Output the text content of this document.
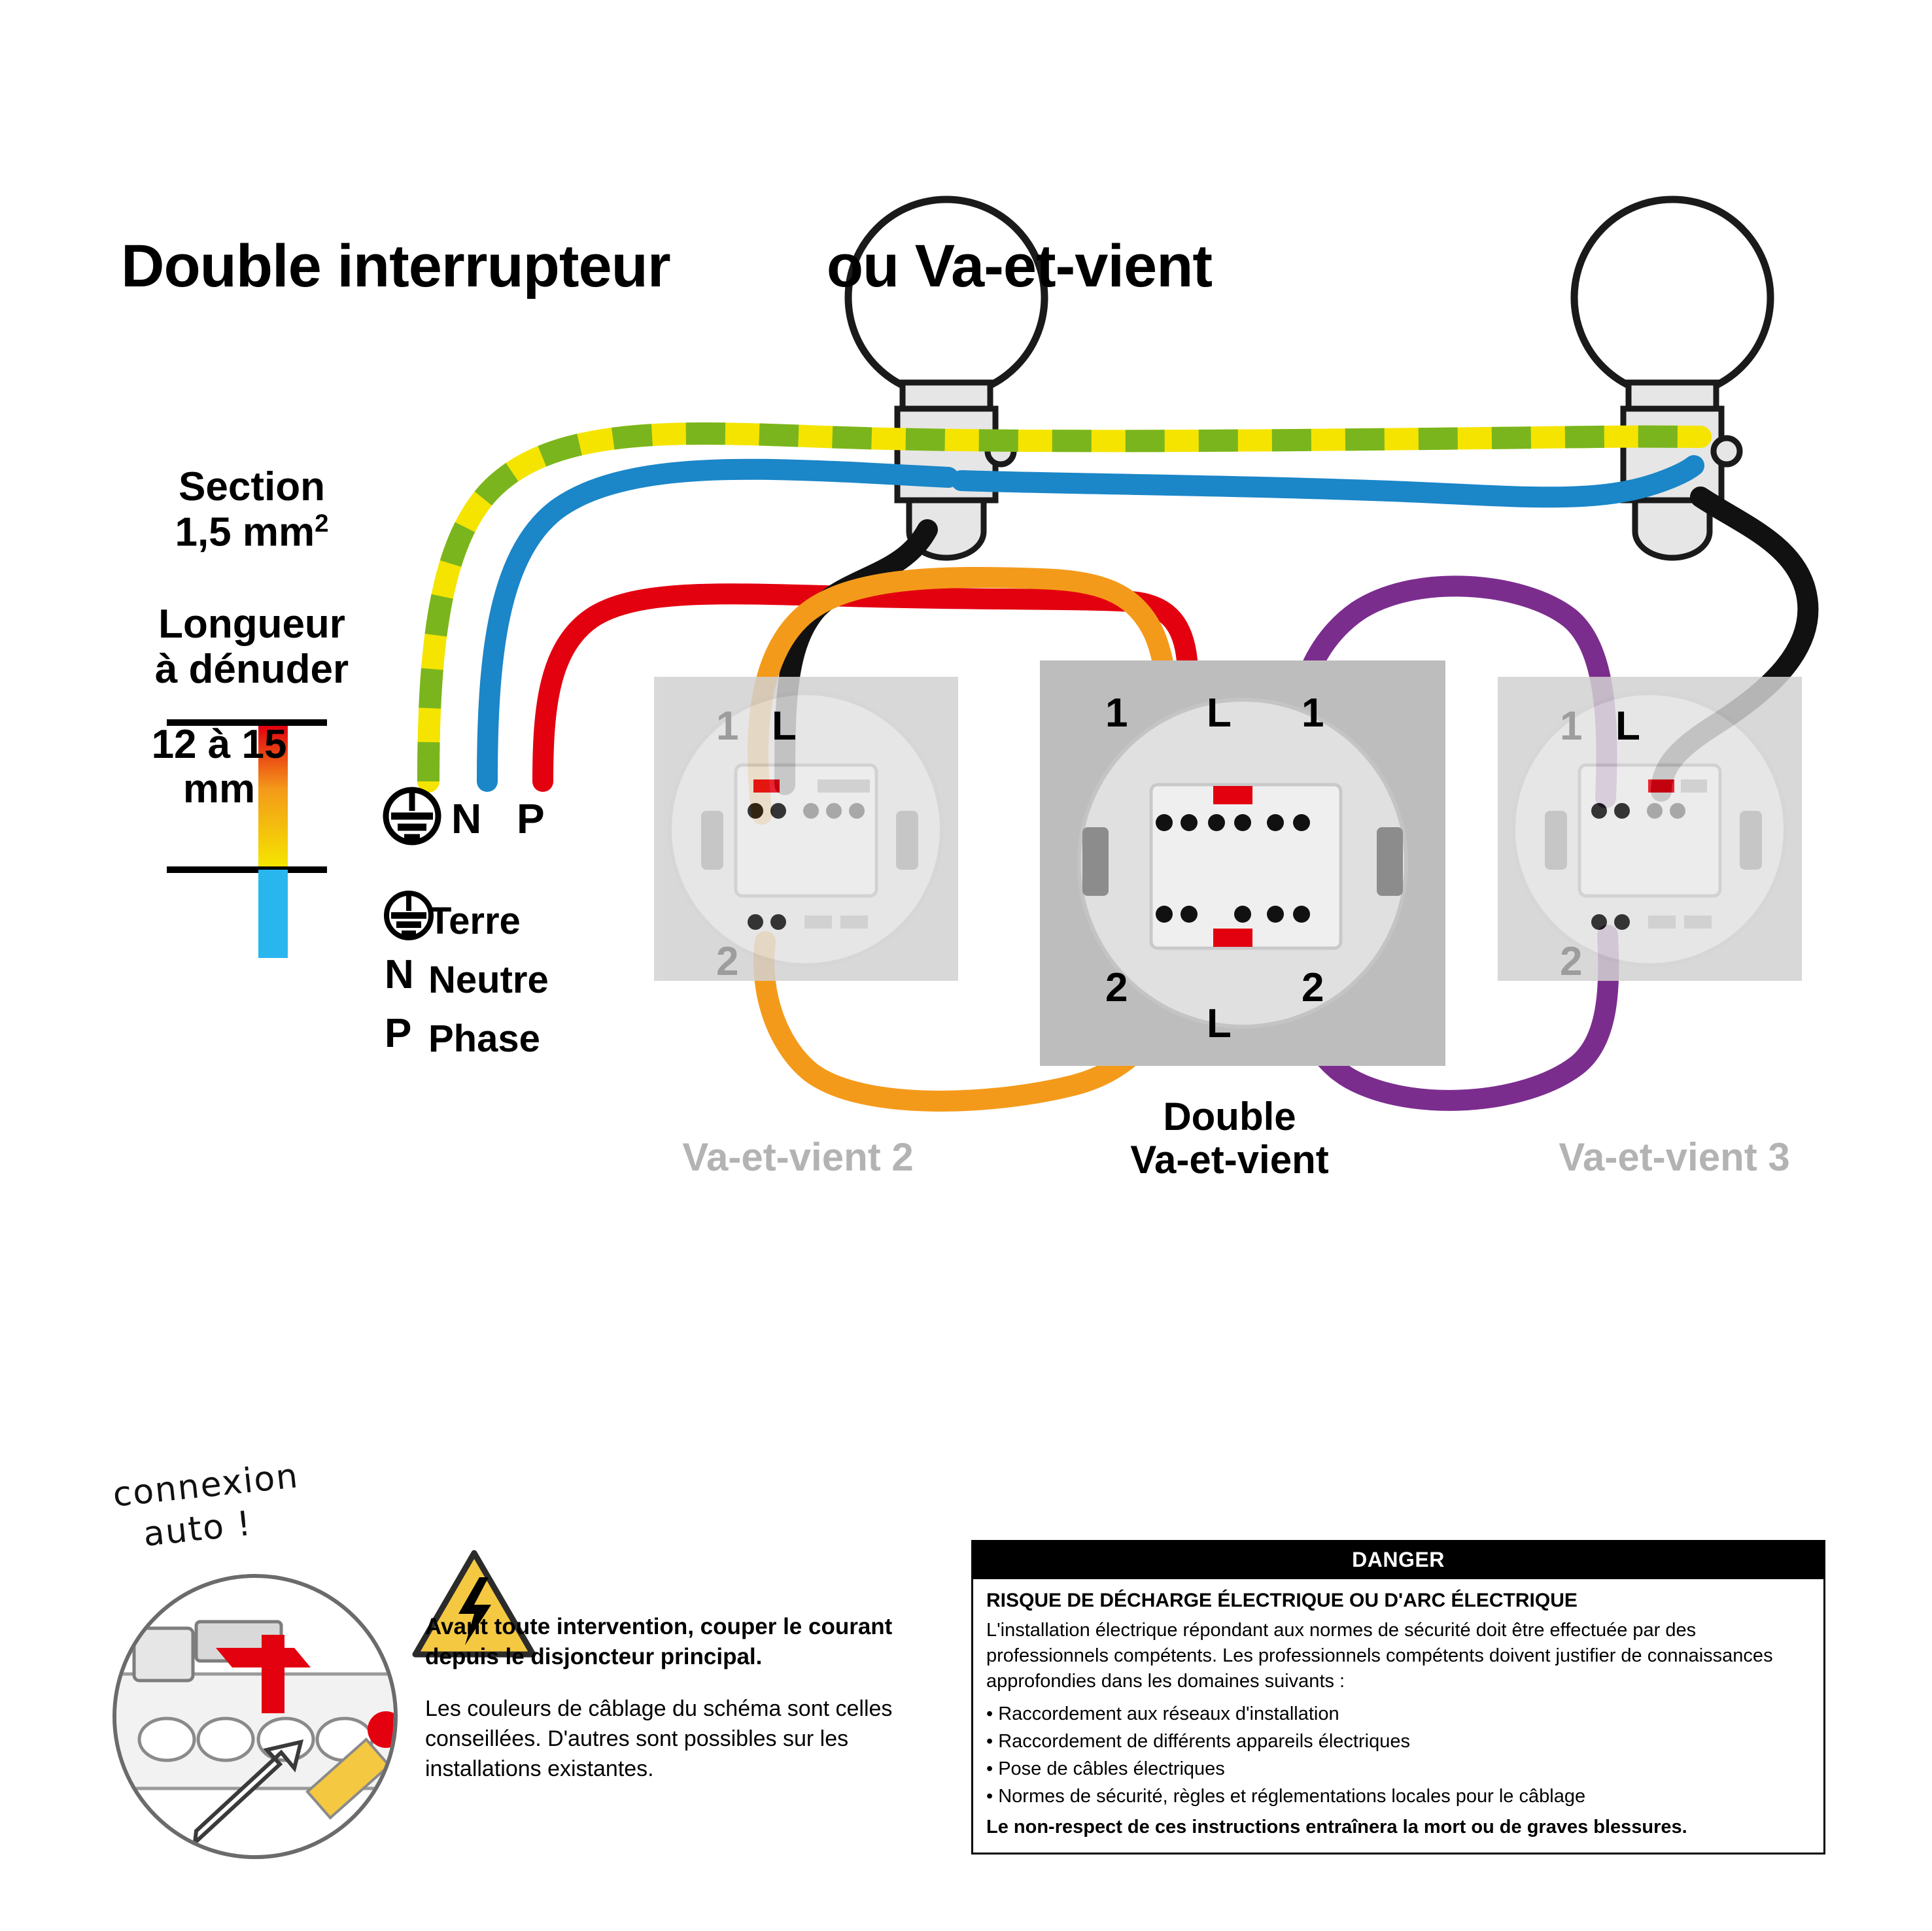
Double interrupteur	ou Va-et-vient
Section
1,5 $mm^2$
Longueur
à dénuder
12 à 15
mm
N P
Terre
Neutre
Phase
N
P
1 L
2
1 L 1
2	2
L
1 L
2
Va-et-vient 2
Double
Va-et-vient	Va-et-vient 3
connexion
auto !
Avant toute intervention, couper le courant depuis le disjoncteur principal.
Les couleurs de câblage du schéma sont celles conseillées. D'autres sont possibles sur les installations existantes.
DANGER
RISQUE DE DÉCHARGE ÉLECTRIQUE OU D'ARC ÉLECTRIQUE
L'installation électrique répondant aux normes de sécurité doit être effectuée par des professionnels compétents. Les professionnels compétents doivent justifier de connaissances approfondies dans les domaines suivants :
• Raccordement aux réseaux d'installation
• Raccordement de différents appareils électriques
• Pose de câbles électriques
• Normes de sécurité, règles et réglementations locales pour le câblage
Le non-respect de ces instructions entraînera la mort ou de graves blessures.
